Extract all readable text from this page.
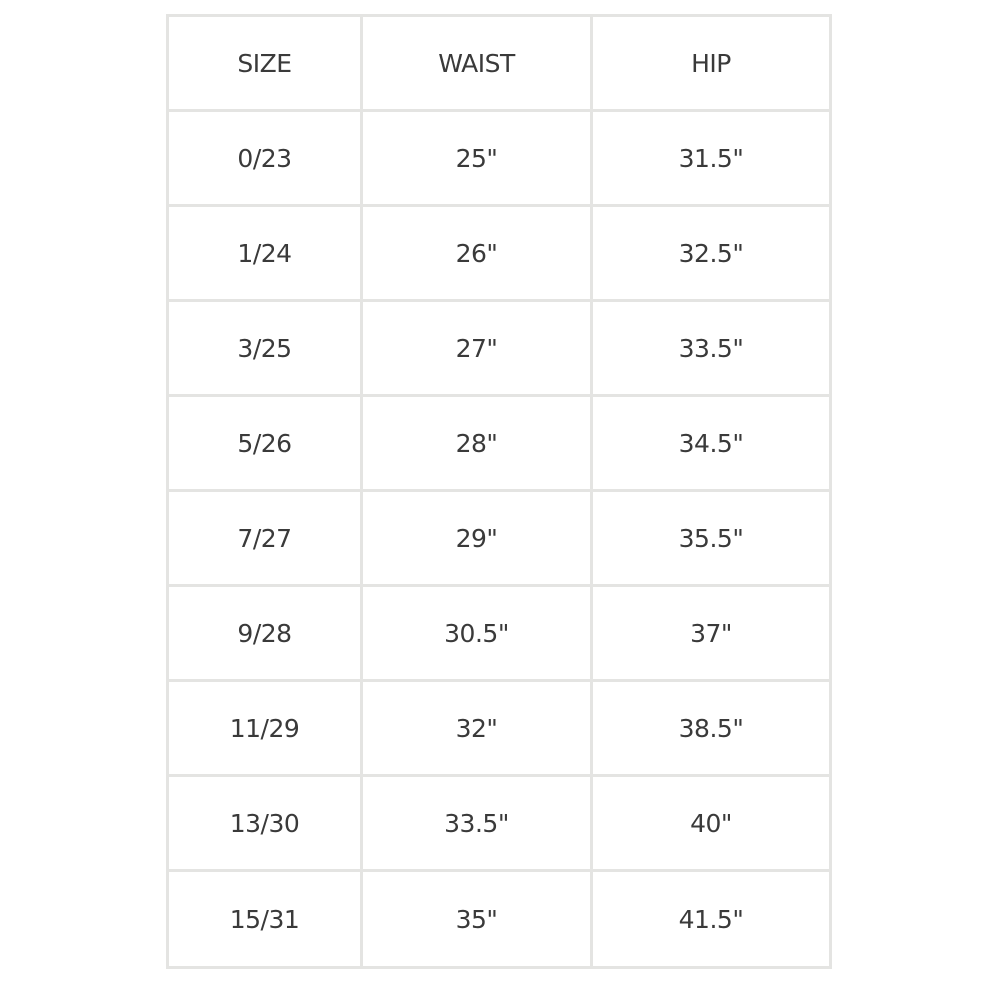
SIZE	WAIST	HIP
0/23	25"	31.5"
1/24	26"	32.5"
3/25	27"	33.5"
5/26	28"	34.5"
7/27	29"	35.5"
9/28	30.5"	37"
11/29	32"	38.5"
13/30	33.5"	40"
15/31	35"	41.5"
